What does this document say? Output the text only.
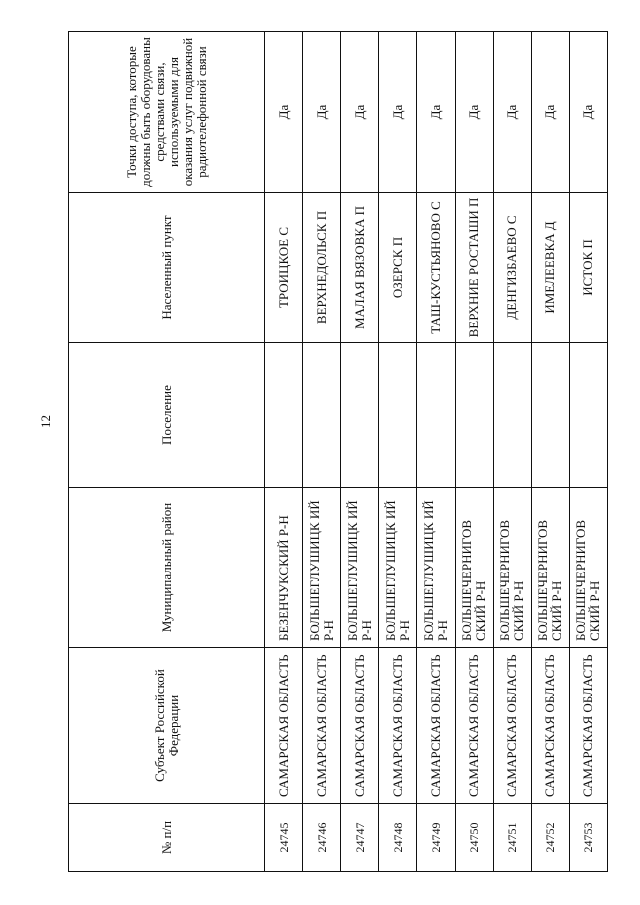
12
№ п/п	Субъект Российской Федерации	Муниципальный район	Поселение	Населенный пункт	Точки доступа, которые должны быть оборудованы средствами связи, используемыми для оказания услуг подвижной радиотелефонной связи
24745	САМАРСКАЯ ОБЛАСТЬ	БЕЗЕНЧУКСКИЙ Р-Н		ТРОИЦКОЕ С	Да
24746	САМАРСКАЯ ОБЛАСТЬ	БОЛЬШЕГЛУШИЦК ИЙ Р-Н		ВЕРХНЕДОЛЬСК П	Да
24747	САМАРСКАЯ ОБЛАСТЬ	БОЛЬШЕГЛУШИЦК ИЙ Р-Н		МАЛАЯ ВЯЗОВКА П	Да
24748	САМАРСКАЯ ОБЛАСТЬ	БОЛЬШЕГЛУШИЦК ИЙ Р-Н		ОЗЕРСК П	Да
24749	САМАРСКАЯ ОБЛАСТЬ	БОЛЬШЕГЛУШИЦК ИЙ Р-Н		ТАШ-КУСТЬЯНОВО С	Да
24750	САМАРСКАЯ ОБЛАСТЬ	БОЛЬШЕЧЕРНИГОВ СКИЙ Р-Н		ВЕРХНИЕ РОСТАШИ П	Да
24751	САМАРСКАЯ ОБЛАСТЬ	БОЛЬШЕЧЕРНИГОВ СКИЙ Р-Н		ДЕНГИЗБАЕВО С	Да
24752	САМАРСКАЯ ОБЛАСТЬ	БОЛЬШЕЧЕРНИГОВ СКИЙ Р-Н		ИМЕЛЕЕВКА Д	Да
24753	САМАРСКАЯ ОБЛАСТЬ	БОЛЬШЕЧЕРНИГОВ СКИЙ Р-Н		ИСТОК П	Да
